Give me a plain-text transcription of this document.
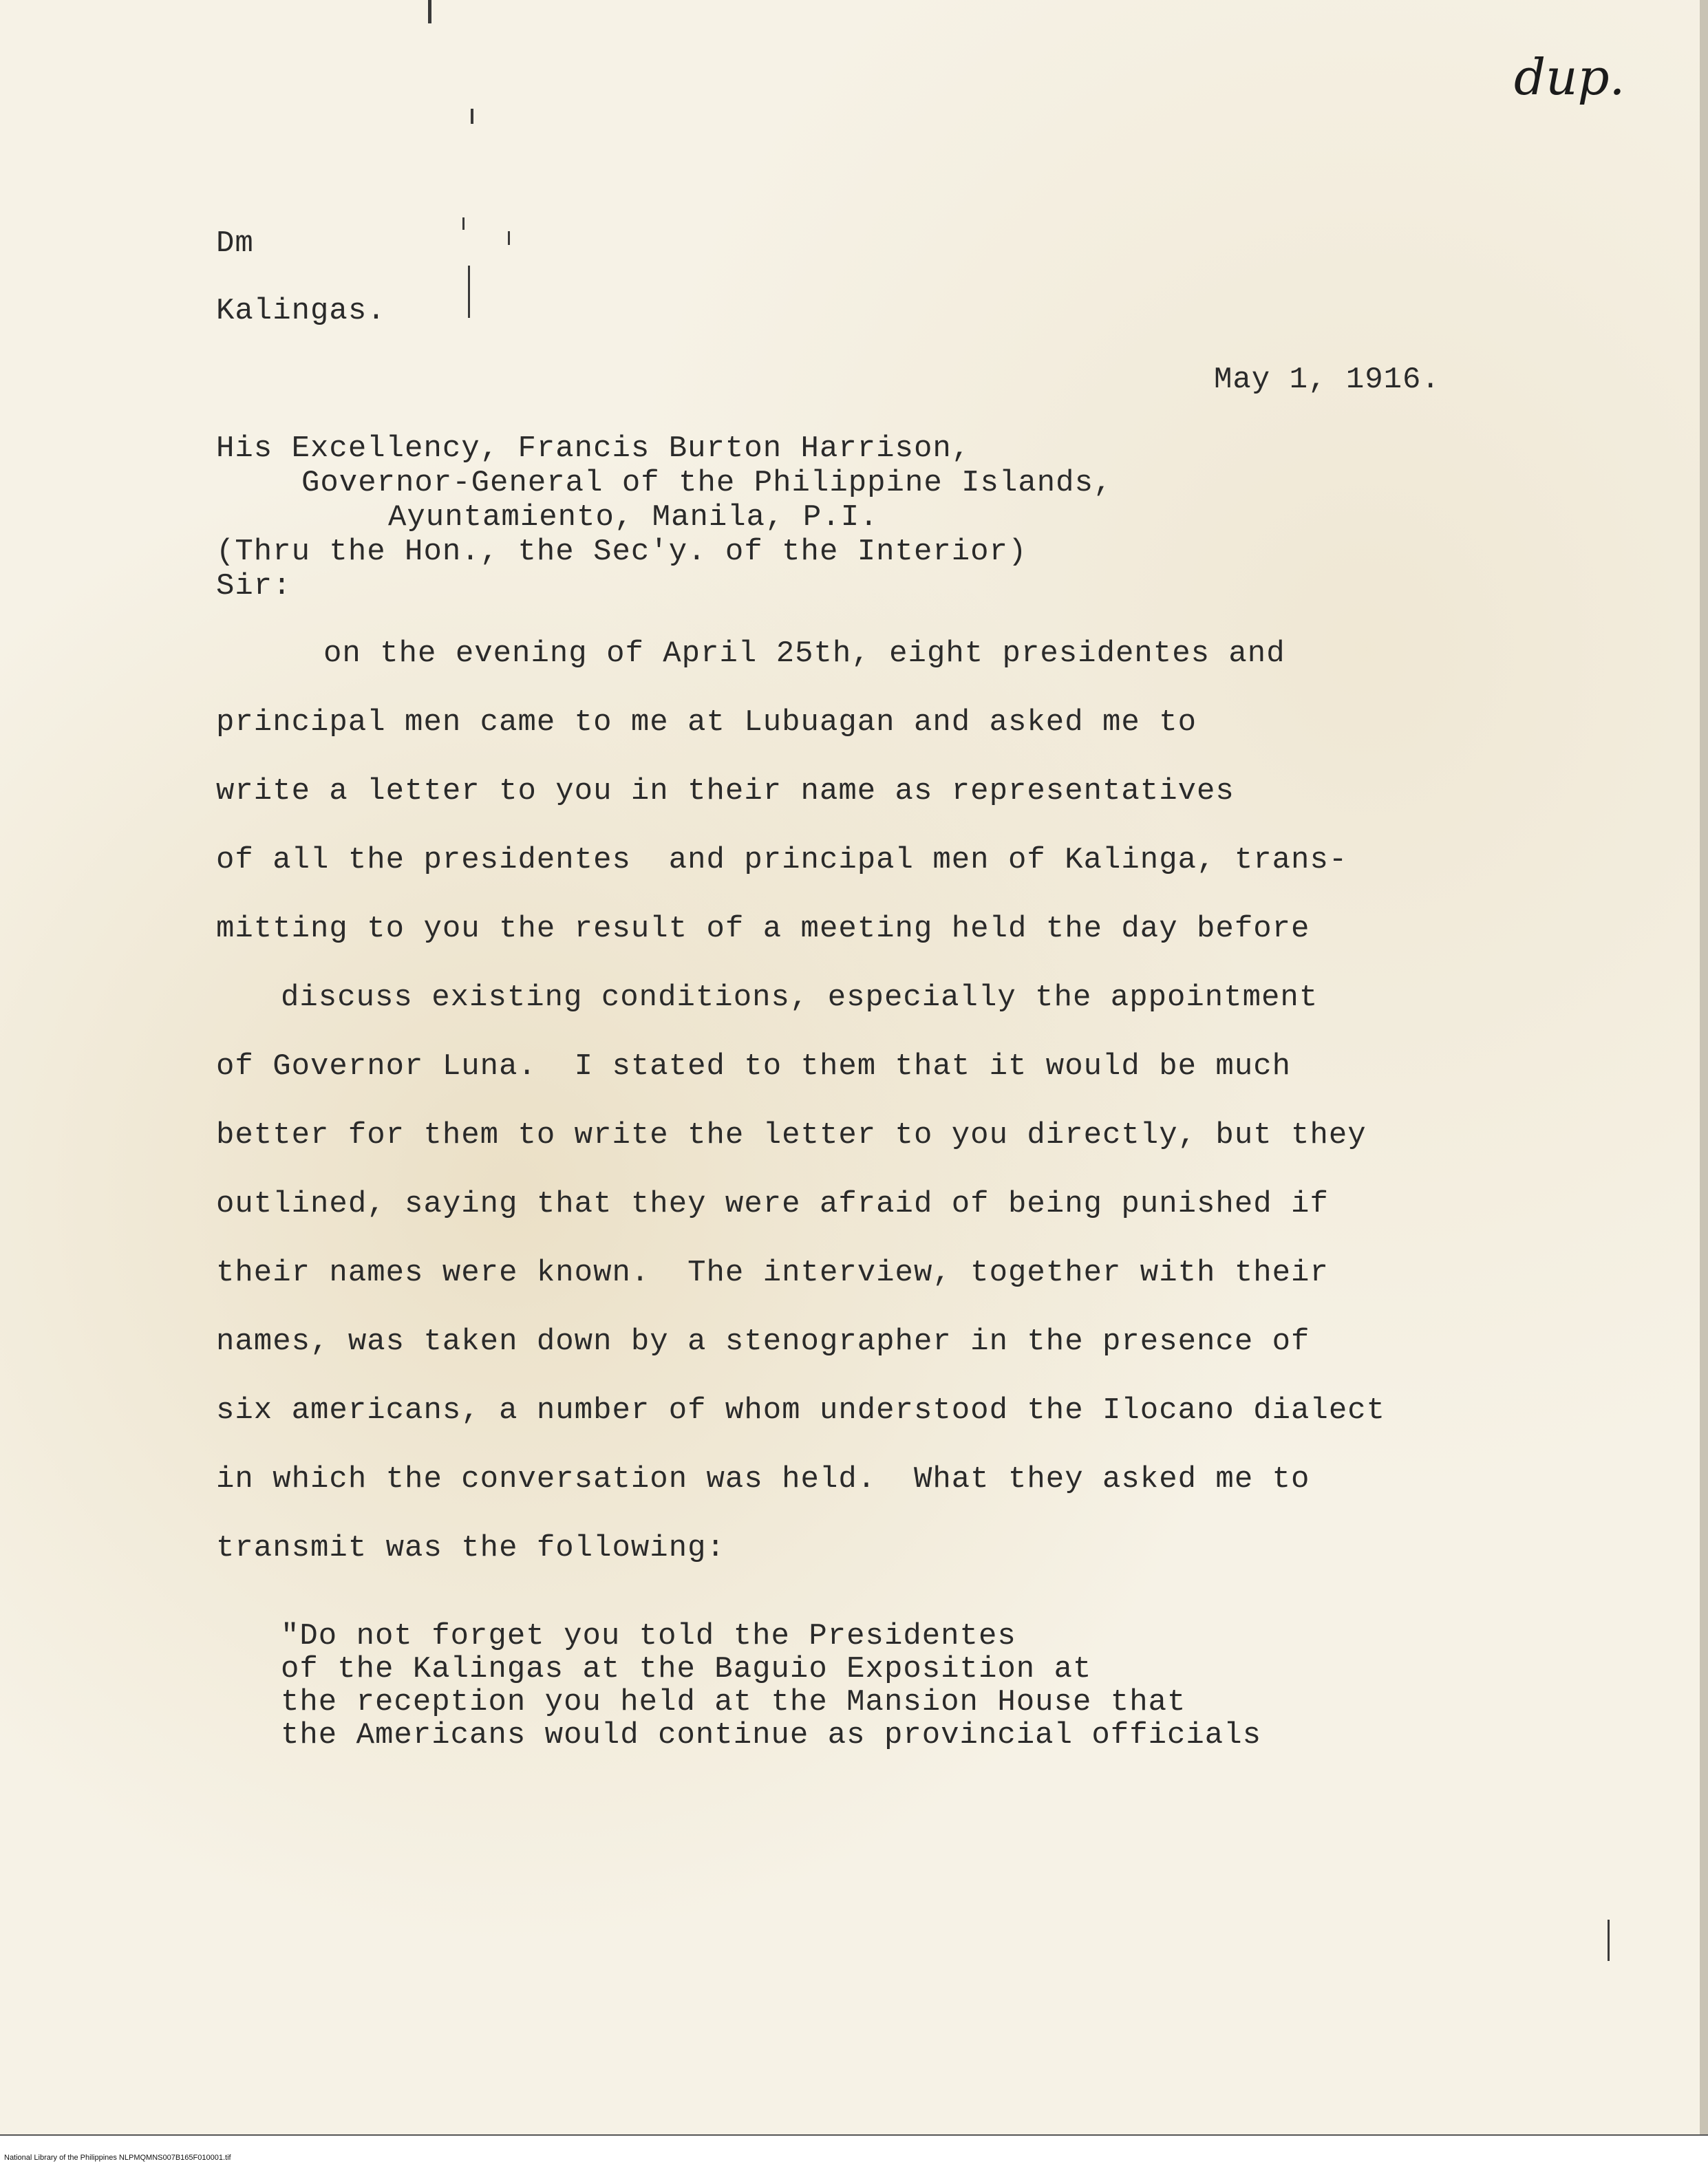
dup.
Dm
Kalingas.
May 1, 1916.
His Excellency, Francis Burton Harrison,
Governor-General of the Philippine Islands,
Ayuntamiento, Manila, P.I.
(Thru the Hon., the Sec'y. of the Interior)
Sir:
on the evening of April 25th, eight presidentes and
principal men came to me at Lubuagan and asked me to
write a letter to you in their name as representatives
of all the presidentes  and principal men of Kalinga, trans-
mitting to you the result of a meeting held the day before
discuss existing conditions, especially the appointment
of Governor Luna.  I stated to them that it would be much
better for them to write the letter to you directly, but they
outlined, saying that they were afraid of being punished if
their names were known.  The interview, together with their
names, was taken down by a stenographer in the presence of
six americans, a number of whom understood the Ilocano dialect
in which the conversation was held.  What they asked me to
transmit was the following:
"Do not forget you told the Presidentes
of the Kalingas at the Baguio Exposition at
the reception you held at the Mansion House that
the Americans would continue as provincial officials
National Library of the Philippines NLPMQMNS007B165F010001.tif
